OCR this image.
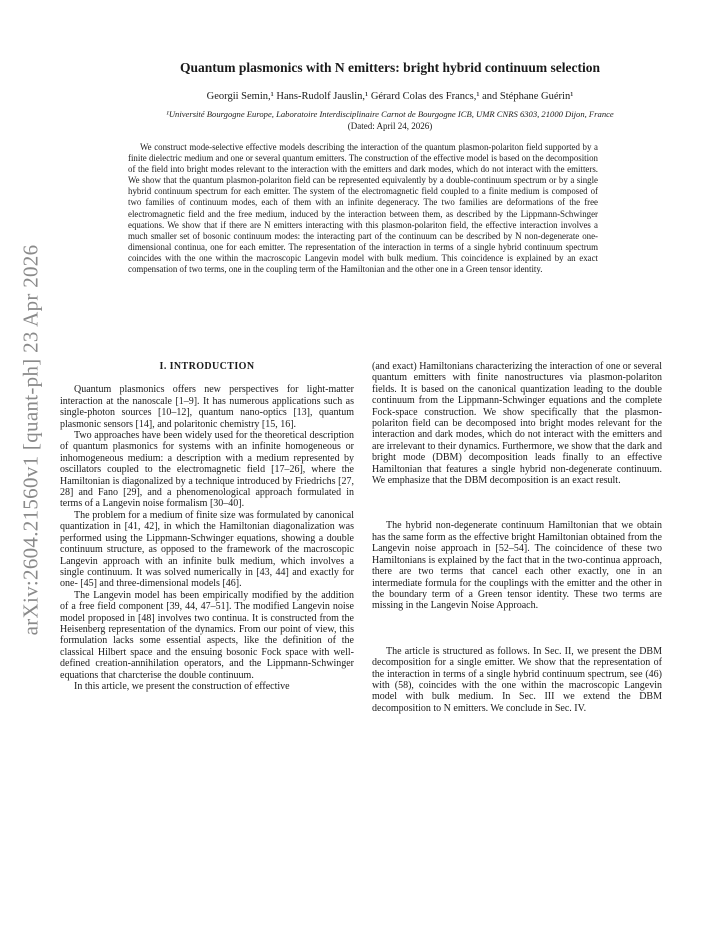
arXiv:2604.21560v1 [quant-ph] 23 Apr 2026
Quantum plasmonics with N emitters: bright hybrid continuum selection
Georgii Semin,¹ Hans-Rudolf Jauslin,¹ Gérard Colas des Francs,¹ and Stéphane Guérin¹
¹Université Bourgogne Europe, Laboratoire Interdisciplinaire Carnot de Bourgogne ICB, UMR CNRS 6303, 21000 Dijon, France
(Dated: April 24, 2026)

We construct mode-selective effective models describing the interaction of the quantum plasmon-polariton field supported by a finite dielectric medium and one or several quantum emitters. The construction of the effective model is based on the decomposition of the field into bright modes relevant to the interaction with the emitters and dark modes, which do not interact with the emitters. We show that the quantum plasmon-polariton field can be represented equivalently by a double-continuum spectrum or by a single hybrid continuum spectrum for each emitter. The system of the electromagnetic field coupled to a finite medium is composed of two families of continuum modes, each of them with an infinite degeneracy. The two families are deformations of the free electromagnetic field and the free medium, induced by the interaction between them, as described by the Lippmann-Schwinger equations. We show that if there are N emitters interacting with this plasmon-polariton field, the effective interaction involves a much smaller set of bosonic continuum modes: the interacting part of the continuum can be described by N non-degenerate one-dimensional continua, one for each emitter. The representation of the interaction in terms of a single hybrid continuum spectrum coincides with the one within the macroscopic Langevin model with bulk medium. This coincidence is explained by an exact compensation of two terms, one in the coupling term of the Hamiltonian and the other one in a Green tensor identity.

I. INTRODUCTION

Quantum plasmonics offers new perspectives for light-matter interaction at the nanoscale [1–9]. It has numerous applications such as single-photon sources [10–12], quantum nano-optics [13], quantum plasmonic sensors [14], and polaritonic chemistry [15, 16].

Two approaches have been widely used for the theoretical description of quantum plasmonics for systems with an infinite homogeneous or inhomogeneous medium: a description with a medium represented by oscillators coupled to the electromagnetic field [17–26], where the Hamiltonian is diagonalized by a technique introduced by Friedrichs [27, 28] and Fano [29], and a phenomenological approach formulated in terms of a Langevin noise formalism [30–40].

The problem for a medium of finite size was formulated by canonical quantization in [41, 42], in which the Hamiltonian diagonalization was performed using the Lippmann-Schwinger equations, showing a double continuum structure, as opposed to the framework of the macroscopic Langevin approach with an infinite bulk medium, which involves a single continuum. It was solved numerically in [43, 44] and exactly for one- [45] and three-dimensional models [46].

The Langevin model has been empirically modified by the addition of a free field component [39, 44, 47–51]. The modified Langevin noise model proposed in [48] involves two continua. It is constructed from the Heisenberg representation of the dynamics. From our point of view, this formulation lacks some essential aspects, like the definition of the classical Hilbert space and the ensuing bosonic Fock space with well-defined creation-annihilation operators, and the Lippmann-Schwinger equations that charcterise the double continuum.

In this article, we present the construction of effective

(and exact) Hamiltonians characterizing the interaction of one or several quantum emitters with finite nanostructures via plasmon-polariton fields. It is based on the canonical quantization leading to the double continuum from the Lippmann-Schwinger equations and the complete Fock-space construction. We show specifically that the plasmon-polariton field can be decomposed into bright modes relevant for the interaction and dark modes, which do not interact with the emitters and are irrelevant to their dynamics. Furthermore, we show that the dark and bright mode (DBM) decomposition leads finally to an effective Hamiltonian that features a single hybrid non-degenerate continuum. We emphasize that the DBM decomposition is an exact result.

The hybrid non-degenerate continuum Hamiltonian that we obtain has the same form as the effective bright Hamiltonian obtained from the Langevin noise approach in [52–54]. The coincidence of these two Hamiltonians is explained by the fact that in the two-continua approach, there are two terms that cancel each other exactly, one in an intermediate formula for the couplings with the emitter and the other in the boundary term of a Green tensor identity. These two terms are missing in the Langevin Noise Approach.

The article is structured as follows. In Sec. II, we present the DBM decomposition for a single emitter. We show that the representation of the interaction in terms of a single hybrid continuum spectrum, see (46) with (58), coincides with the one within the macroscopic Langevin model with bulk medium. In Sec. III we extend the DBM decomposition to N emitters. We conclude in Sec. IV.
